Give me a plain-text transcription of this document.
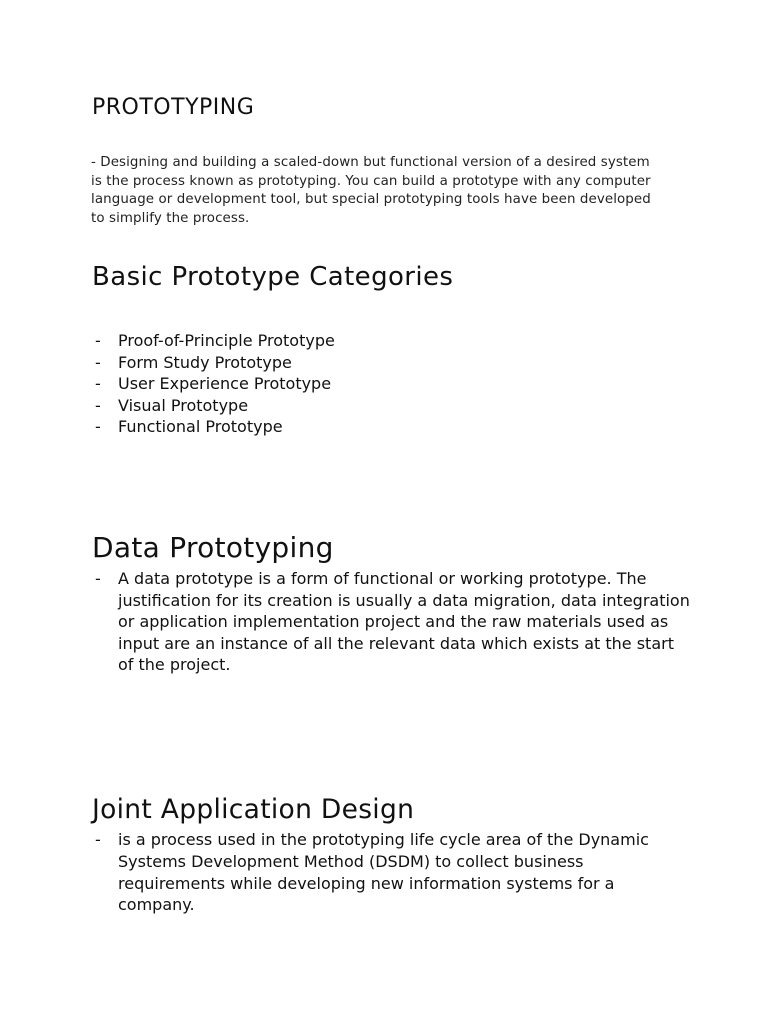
PROTOTYPING
- Designing and building a scaled-down but functional version of a desired system is the process known as prototyping. You can build a prototype with any computer language or development tool, but special prototyping tools have been developed to simplify the process.
Basic Prototype Categories
- Proof-of-Principle Prototype
- Form Study Prototype
- User Experience Prototype
- Visual Prototype
- Functional Prototype
Data Prototyping
- A data prototype is a form of functional or working prototype. The justification for its creation is usually a data migration, data integration or application implementation project and the raw materials used as input are an instance of all the relevant data which exists at the start of the project.
Joint Application Design
- is a process used in the prototyping life cycle area of the Dynamic Systems Development Method (DSDM) to collect business requirements while developing new information systems for a company.
